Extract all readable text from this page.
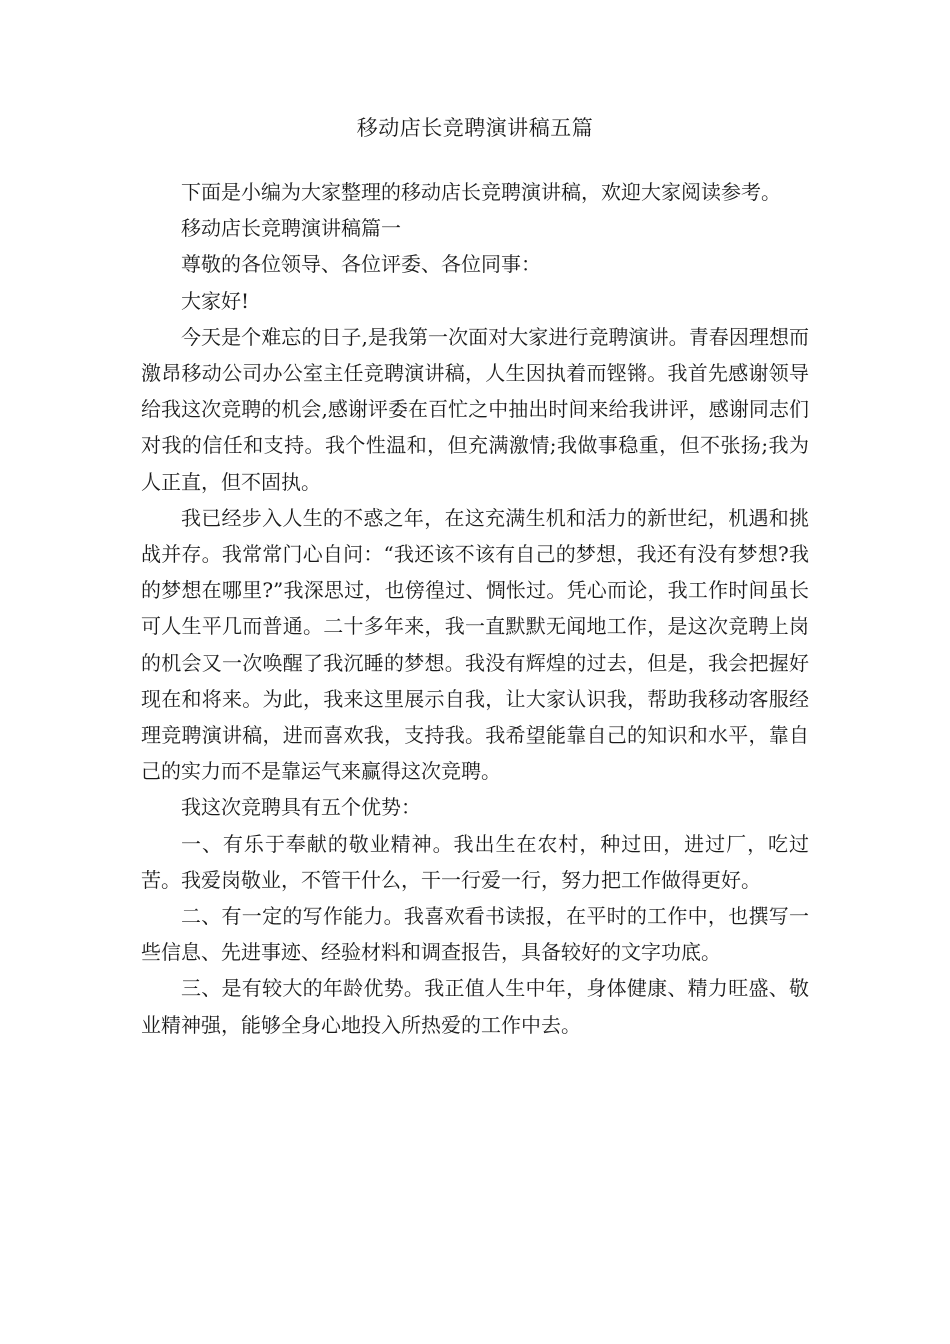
移动店长竞聘演讲稿五篇

下面是小编为大家整理的移动店长竞聘演讲稿，欢迎大家阅读参考。

移动店长竞聘演讲稿篇一

尊敬的各位领导、各位评委、各位同事：

大家好!

今天是个难忘的日子,是我第一次面对大家进行竞聘演讲。青春因理想而激昂移动公司办公室主任竞聘演讲稿，人生因执着而铿锵。我首先感谢领导给我这次竞聘的机会,感谢评委在百忙之中抽出时间来给我讲评，感谢同志们对我的信任和支持。我个性温和，但充满激情;我做事稳重，但不张扬;我为人正直，但不固执。

我已经步入人生的不惑之年，在这充满生机和活力的新世纪，机遇和挑战并存。我常常门心自问：“我还该不该有自己的梦想，我还有没有梦想?我的梦想在哪里?”我深思过，也傍徨过、惆怅过。凭心而论，我工作时间虽长可人生平几而普通。二十多年来，我一直默默无闻地工作，是这次竞聘上岗的机会又一次唤醒了我沉睡的梦想。我没有辉煌的过去，但是，我会把握好现在和将来。为此，我来这里展示自我，让大家认识我，帮助我移动客服经理竞聘演讲稿，进而喜欢我，支持我。我希望能靠自己的知识和水平，靠自己的实力而不是靠运气来赢得这次竞聘。

我这次竞聘具有五个优势：

一、有乐于奉献的敬业精神。我出生在农村，种过田，进过厂，吃过苦。我爱岗敬业，不管干什么，干一行爱一行，努力把工作做得更好。

二、有一定的写作能力。我喜欢看书读报，在平时的工作中，也撰写一些信息、先进事迹、经验材料和调查报告，具备较好的文字功底。

三、是有较大的年龄优势。我正值人生中年，身体健康、精力旺盛、敬业精神强，能够全身心地投入所热爱的工作中去。
